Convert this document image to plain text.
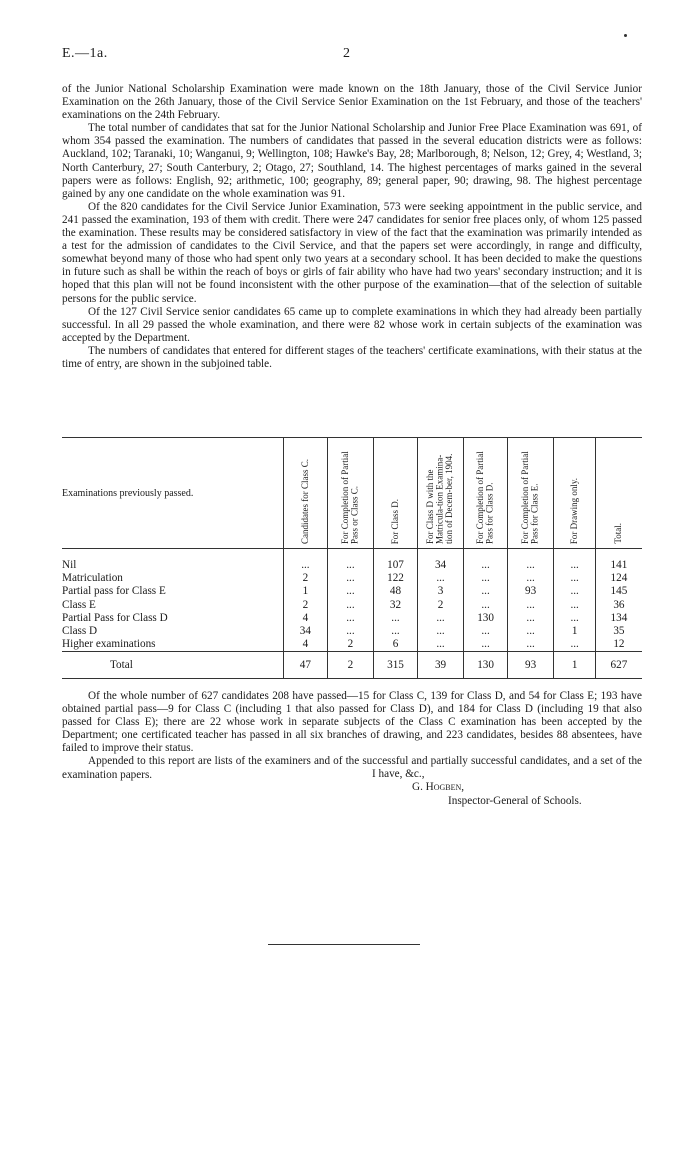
E.—1a.	2

of the Junior National Scholarship Examination were made known on the 18th January, those of the Civil Service Junior Examination on the 26th January, those of the Civil Service Senior Examination on the 1st February, and those of the teachers' examinations on the 24th February.

The total number of candidates that sat for the Junior National Scholarship and Junior Free Place Examination was 691, of whom 354 passed the examination. The numbers of candidates that passed in the several education districts were as follows: Auckland, 102; Taranaki, 10; Wanganui, 9; Wellington, 108; Hawke's Bay, 28; Marlborough, 8; Nelson, 12; Grey, 4; Westland, 3; North Canterbury, 27; South Canterbury, 2; Otago, 27; Southland, 14. The highest percentages of marks gained in the several papers were as follows: English, 92; arithmetic, 100; geography, 89; general paper, 90; drawing, 98. The highest percentage gained by any one candidate on the whole examination was 91.

Of the 820 candidates for the Civil Service Junior Examination, 573 were seeking appointment in the public service, and 241 passed the examination, 193 of them with credit. There were 247 candidates for senior free places only, of whom 125 passed the examination. These results may be considered satisfactory in view of the fact that the examination was primarily intended as a test for the admission of candidates to the Civil Service, and that the papers set were accordingly, in range and difficulty, somewhat beyond many of those who had spent only two years at a secondary school. It has been decided to make the questions in future such as shall be within the reach of boys or girls of fair ability who have had two years' secondary instruction; and it is hoped that this plan will not be found inconsistent with the other purpose of the examination—that of the selection of suitable persons for the public service.

Of the 127 Civil Service senior candidates 65 came up to complete examinations in which they had already been partially successful. In all 29 passed the whole examination, and there were 82 whose work in certain subjects of the examination was accepted by the Department.

The numbers of candidates that entered for different stages of the teachers' certificate examinations, with their status at the time of entry, are shown in the subjoined table.

Examinations previously passed.	Candidates for Class C.	For Completion of Partial Pass or Class C.	For Class D.	For Class D with the Matricula-tion Examina-tion of Decem-ber, 1904.	For Completion of Partial Pass for Class D.	For Completion of Partial Pass for Class E.	For Drawing only.	Total.

Nil	...	...	107	34	...	...	...	141
Matriculation	2	...	122	...	...	...	...	124
Partial pass for Class E	1	...	48	3	...	93	...	145
Class E	2	...	32	2	...	...	...	36
Partial Pass for Class D	4	...	...	...	130	...	...	134
Class D	34	...	...	...	...	...	1	35
Higher examinations	4	2	6	...	...	...	...	12
Total	47	2	315	39	130	93	1	627

Of the whole number of 627 candidates 208 have passed—15 for Class C, 139 for Class D, and 54 for Class E; 193 have obtained partial pass—9 for Class C (including 1 that also passed for Class D), and 184 for Class D (including 19 that also passed for Class E); there are 22 whose work in separate subjects of the Class C examination has been accepted by the Department; one certificated teacher has passed in all six branches of drawing, and 223 candidates, besides 88 absentees, have failed to improve their status.

Appended to this report are lists of the examiners and of the successful and partially successful candidates, and a set of the examination papers.	I have, &c.,
G. Hogben,
Inspector-General of Schools.
